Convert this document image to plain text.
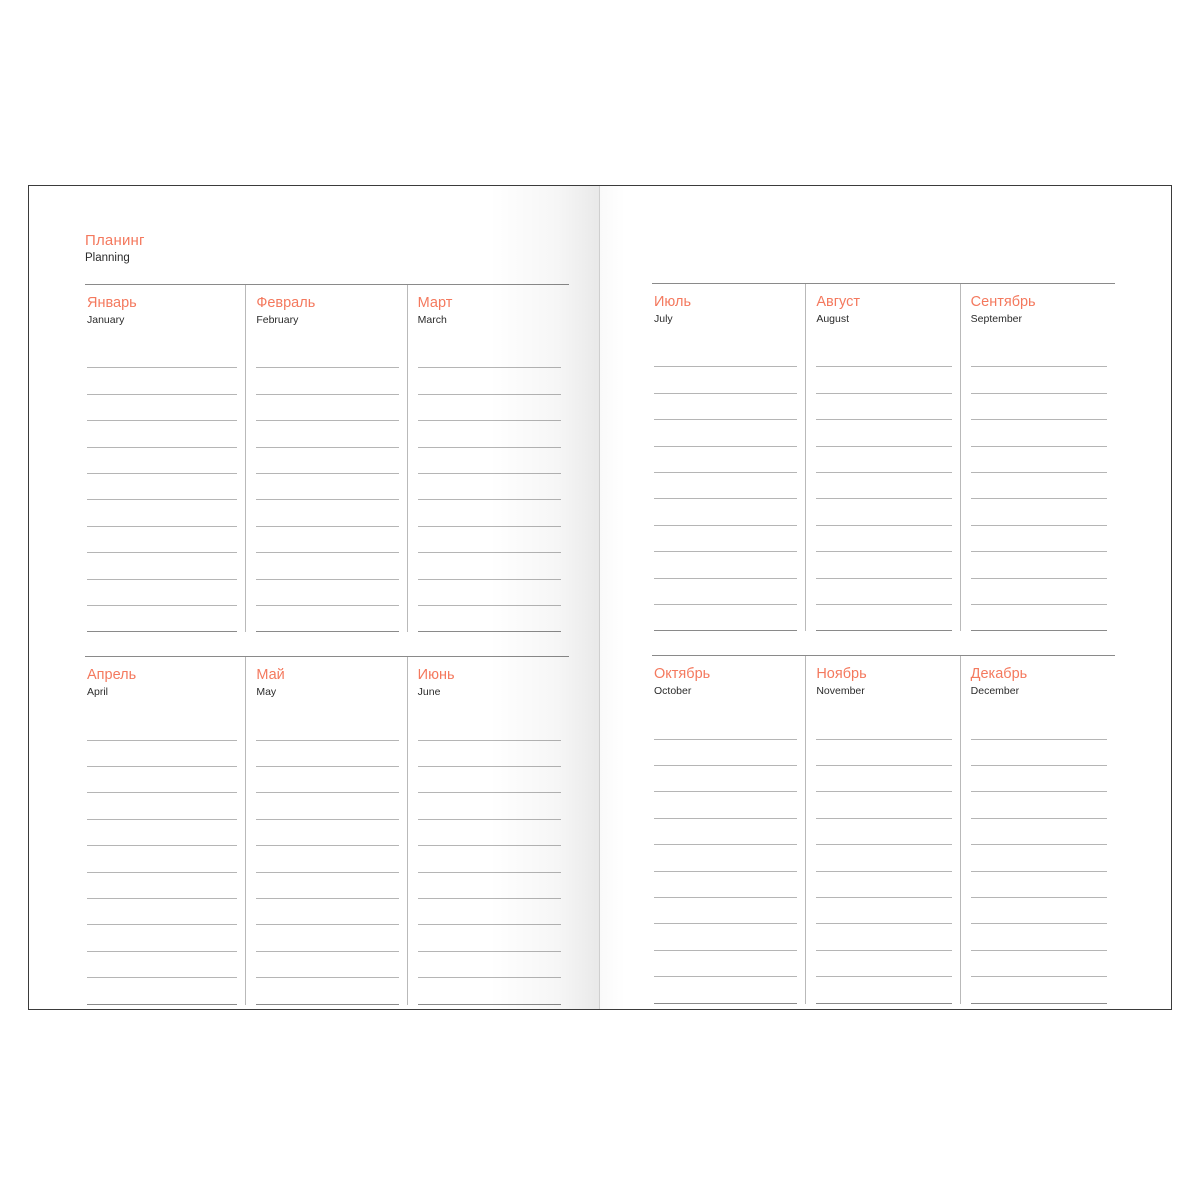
Планинг
Planning
Январь
January
Февраль
February
Март
March
Апрель
April
Май
May
Июнь
June
Июль
July
Август
August
Сентябрь
September
Октябрь
October
Ноябрь
November
Декабрь
December
